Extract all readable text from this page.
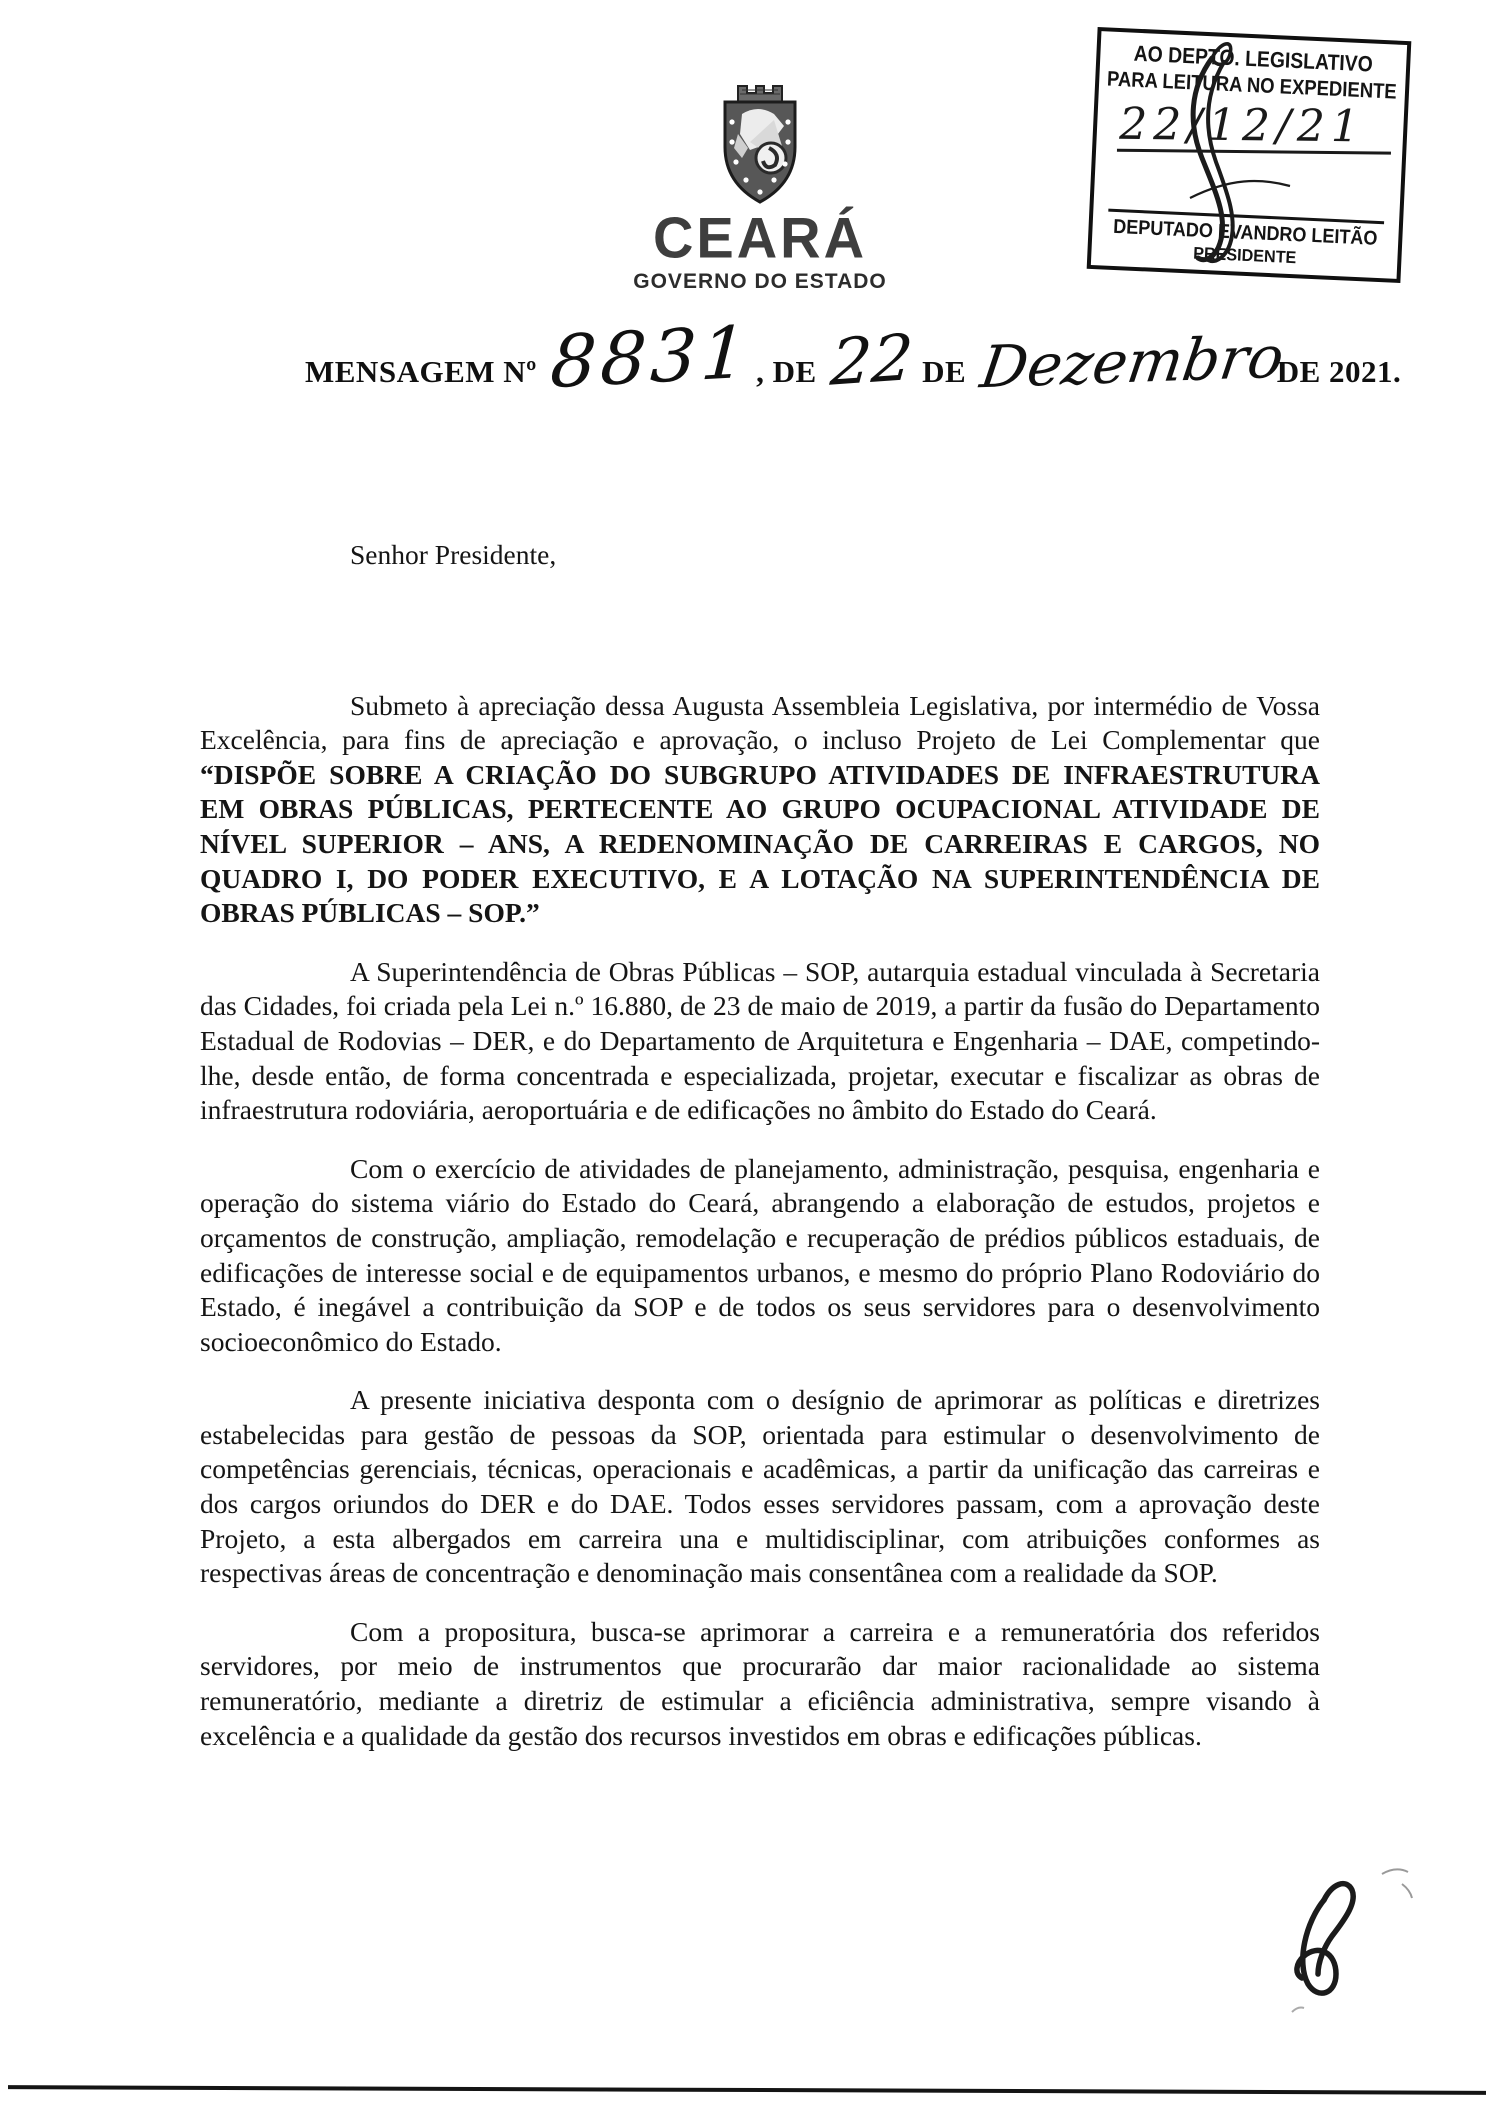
CEARÁ
GOVERNO DO ESTADO
AO DEPTO. LEGISLATIVO
PARA LEITURA NO EXPEDIENTE
22/12/21
DEPUTADO EVANDRO LEITÃO
PRESIDENTE
MENSAGEM Nº 8831 , DE 22 DE Dezembro
DE 2021.

Senhor Presidente,

Submeto à apreciação dessa Augusta Assembleia Legislativa, por intermédio de Vossa Excelência, para fins de apreciação e aprovação, o incluso Projeto de Lei Complementar que “DISPÕE SOBRE A CRIAÇÃO DO SUBGRUPO ATIVIDADES DE INFRAESTRUTURA EM OBRAS PÚBLICAS, PERTECENTE AO GRUPO OCUPACIONAL ATIVIDADE DE NÍVEL SUPERIOR – ANS, A REDENOMINAÇÃO DE CARREIRAS E CARGOS, NO QUADRO I, DO PODER EXECUTIVO, E A LOTAÇÃO NA SUPERINTENDÊNCIA DE OBRAS PÚBLICAS – SOP.”

A Superintendência de Obras Públicas – SOP, autarquia estadual vinculada à Secretaria das Cidades, foi criada pela Lei n.º 16.880, de 23 de maio de 2019, a partir da fusão do Departamento Estadual de Rodovias – DER, e do Departamento de Arquitetura e Engenharia – DAE, competindo-lhe, desde então, de forma concentrada e especializada, projetar, executar e fiscalizar as obras de infraestrutura rodoviária, aeroportuária e de edificações no âmbito do Estado do Ceará.

Com o exercício de atividades de planejamento, administração, pesquisa, engenharia e operação do sistema viário do Estado do Ceará, abrangendo a elaboração de estudos, projetos e orçamentos de construção, ampliação, remodelação e recuperação de prédios públicos estaduais, de edificações de interesse social e de equipamentos urbanos, e mesmo do próprio Plano Rodoviário do Estado, é inegável a contribuição da SOP e de todos os seus servidores para o desenvolvimento socioeconômico do Estado.

A presente iniciativa desponta com o desígnio de aprimorar as políticas e diretrizes estabelecidas para gestão de pessoas da SOP, orientada para estimular o desenvolvimento de competências gerenciais, técnicas, operacionais e acadêmicas, a partir da unificação das carreiras e dos cargos oriundos do DER e do DAE. Todos esses servidores passam, com a aprovação deste Projeto, a esta albergados em carreira una e multidisciplinar, com atribuições conformes as respectivas áreas de concentração e denominação mais consentânea com a realidade da SOP.

Com a propositura, busca-se aprimorar a carreira e a remuneratória dos referidos servidores, por meio de instrumentos que procurarão dar maior racionalidade ao sistema remuneratório, mediante a diretriz de estimular a eficiência administrativa, sempre visando à excelência e a qualidade da gestão dos recursos investidos em obras e edificações públicas.
